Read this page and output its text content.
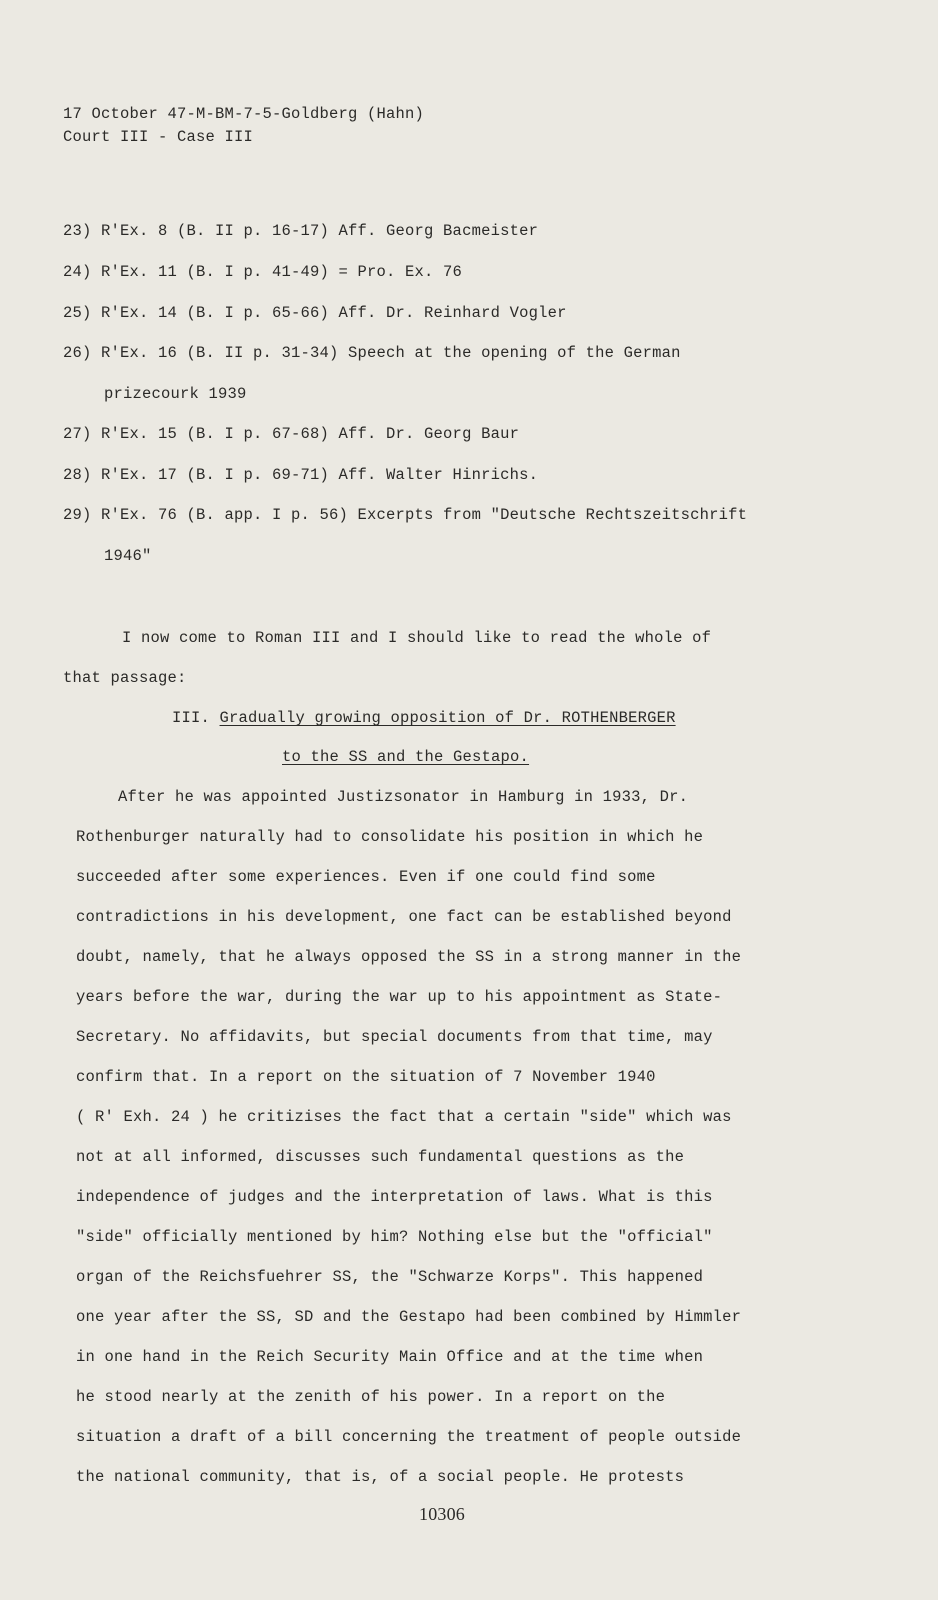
17 October 47-M-BM-7-5-Goldberg (Hahn)
Court III - Case III
23) R'Ex. 8 (B. II p. 16-17) Aff. Georg Bacmeister
24) R'Ex. 11 (B. I p. 41-49) = Pro. Ex. 76
25) R'Ex. 14 (B. I p. 65-66) Aff. Dr. Reinhard Vogler
26) R'Ex. 16 (B. II p. 31-34) Speech at the opening of the German
prizecourk 1939
27) R'Ex. 15 (B. I p. 67-68) Aff. Dr. Georg Baur
28) R'Ex. 17 (B. I p. 69-71) Aff. Walter Hinrichs.
29) R'Ex. 76 (B. app. I p. 56) Excerpts from "Deutsche Rechtszeitschrift
1946"
I now come to Roman III and I should like to read the whole of
that passage:
III. Gradually growing opposition of Dr. ROTHENBERGER
to the SS and the Gestapo.
After he was appointed Justizsonator in Hamburg in 1933, Dr.
Rothenburger naturally had to consolidate his position in which he
succeeded after some experiences. Even if one could find some
contradictions in his development, one fact can be established beyond
doubt, namely, that he always opposed the SS in a strong manner in the
years before the war, during the war up to his appointment as State-
Secretary. No affidavits, but special documents from that time, may
confirm that. In a report on the situation of 7 November 1940
( R' Exh. 24 ) he critizises the fact that a certain "side" which was
not at all informed, discusses such fundamental questions as the
independence of judges and the interpretation of laws. What is this
"side" officially mentioned by him? Nothing else but the "official"
organ of the Reichsfuehrer SS, the "Schwarze Korps". This happened
one year after the SS, SD and the Gestapo had been combined by Himmler
in one hand in the Reich Security Main Office and at the time when
he stood nearly at the zenith of his power. In a report on the
situation a draft of a bill concerning the treatment of people outside
the national community, that is, of a social people. He protests
10306
